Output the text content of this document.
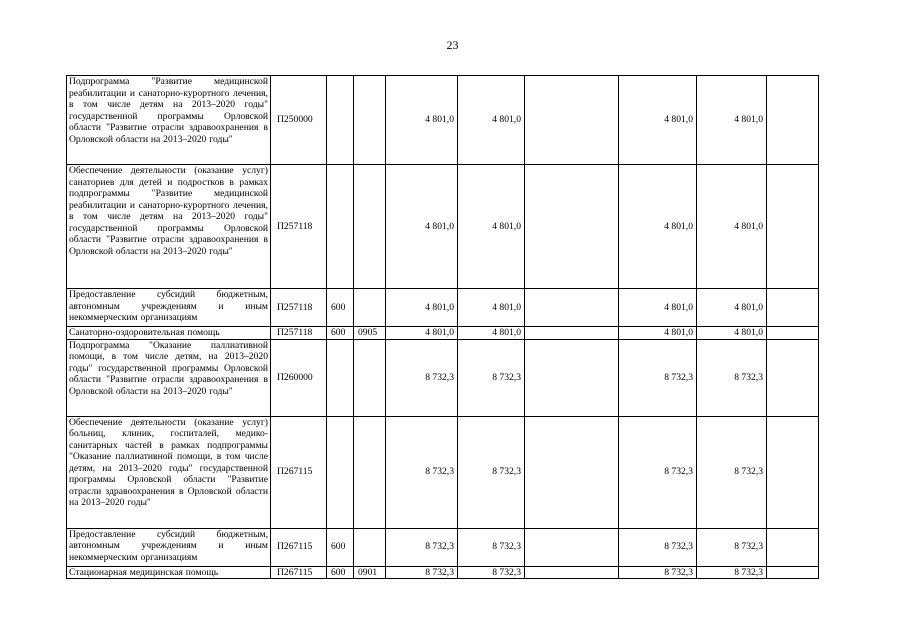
23
Подпрограмма "Развитие медицинской реабилитации и санаторно-курортного лечения, в том числе детям на 2013–2020 годы" государственной программы Орловской области "Развитие отрасли здравоохранения в Орловской области на 2013–2020 годы"	П250000			4 801,0	4 801,0		4 801,0	4 801,0	
Обеспечение деятельности (оказание услуг) санаториев для детей и подростков в рамках подпрограммы "Развитие медицинской реабилитации и санаторно-курортного лечения, в том числе детям на 2013–2020 годы" государственной программы Орловской области "Развитие отрасли здравоохранения в Орловской области на 2013–2020 годы"	П257118			4 801,0	4 801,0		4 801,0	4 801,0	
Предоставление субсидий бюджетным, автономным учреждениям и иным некоммерческим организациям	П257118	600		4 801,0	4 801,0		4 801,0	4 801,0	
Санаторно-оздоровительная помощь	П257118	600	0905	4 801,0	4 801,0		4 801,0	4 801,0	
Подпрограмма "Оказание паллиативной помощи, в том числе детям, на 2013–2020 годы" государственной программы Орловской области "Развитие отрасли здравоохранения в Орловской области на 2013–2020 годы"	П260000			8 732,3	8 732,3		8 732,3	8 732,3	
Обеспечение деятельности (оказание услуг) больниц, клиник, госпиталей, медико-санитарных частей в рамках подпрограммы "Оказание паллиативной помощи, в том числе детям, на 2013–2020 годы" государственной программы Орловской области "Развитие отрасли здравоохранения в Орловской области на 2013–2020 годы"	П267115			8 732,3	8 732,3		8 732,3	8 732,3	
Предоставление субсидий бюджетным, автономным учреждениям и иным некоммерческим организациям	П267115	600		8 732,3	8 732,3		8 732,3	8 732,3	
Стационарная медицинская помощь	П267115	600	0901	8 732,3	8 732,3		8 732,3	8 732,3	
